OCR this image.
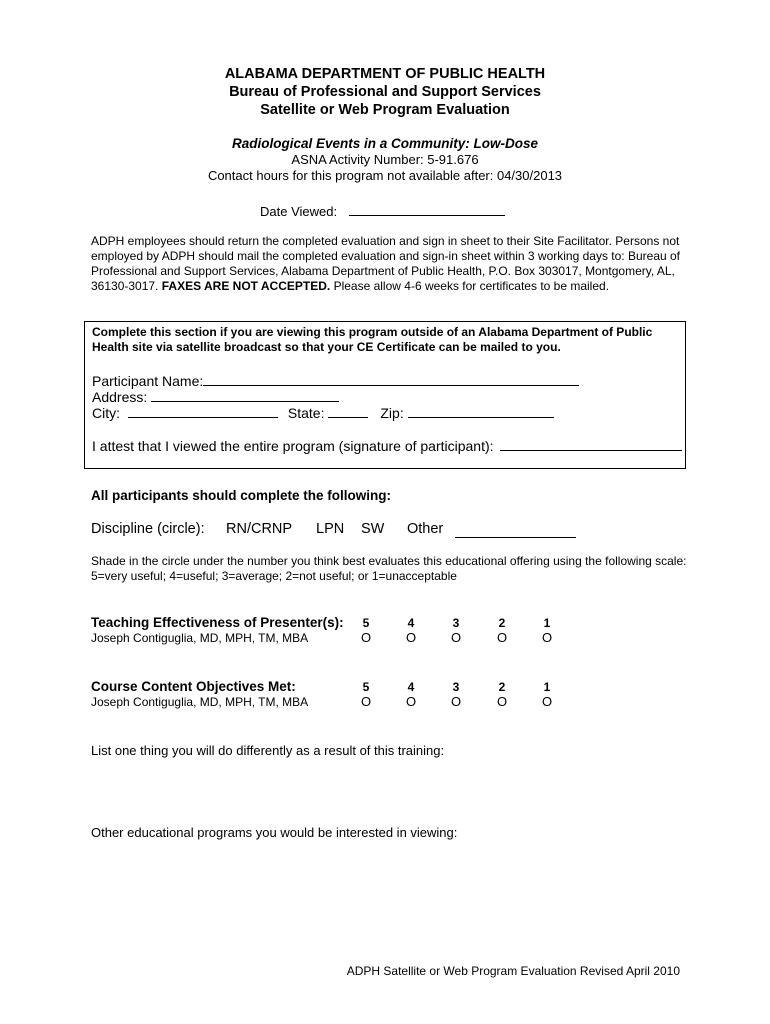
ALABAMA DEPARTMENT OF PUBLIC HEALTH
Bureau of Professional and Support Services
Satellite or Web Program Evaluation
Radiological Events in a Community: Low-Dose
ASNA Activity Number: 5-91.676
Contact hours for this program not available after: 04/30/2013
Date Viewed:
ADPH employees should return the completed evaluation and sign in sheet to their Site Facilitator. Persons not employed by ADPH should mail the completed evaluation and sign-in sheet within 3 working days to: Bureau of Professional and Support Services, Alabama Department of Public Health, P.O. Box 303017, Montgomery, AL, 36130-3017. FAXES ARE NOT ACCEPTED. Please allow 4-6 weeks for certificates to be mailed.
Complete this section if you are viewing this program outside of an Alabama Department of Public Health site via satellite broadcast so that your CE Certificate can be mailed to you.
Participant Name:
Address:
City:	State:	Zip:
I attest that I viewed the entire program (signature of participant):
All participants should complete the following:
Discipline (circle): RN/CRNP LPN SW Other
Shade in the circle under the number you think best evaluates this educational offering using the following scale: 5=very useful; 4=useful; 3=average; 2=not useful; or 1=unacceptable
Teaching Effectiveness of Presenter(s):
Joseph Contiguglia, MD, MPH, TM, MBA
5	4	3	2	1
O	O	O	O	O
Course Content Objectives Met:
Joseph Contiguglia, MD, MPH, TM, MBA
5	4	3	2	1
O	O	O	O	O
List one thing you will do differently as a result of this training:
Other educational programs you would be interested in viewing:
ADPH Satellite or Web Program Evaluation Revised April 2010
